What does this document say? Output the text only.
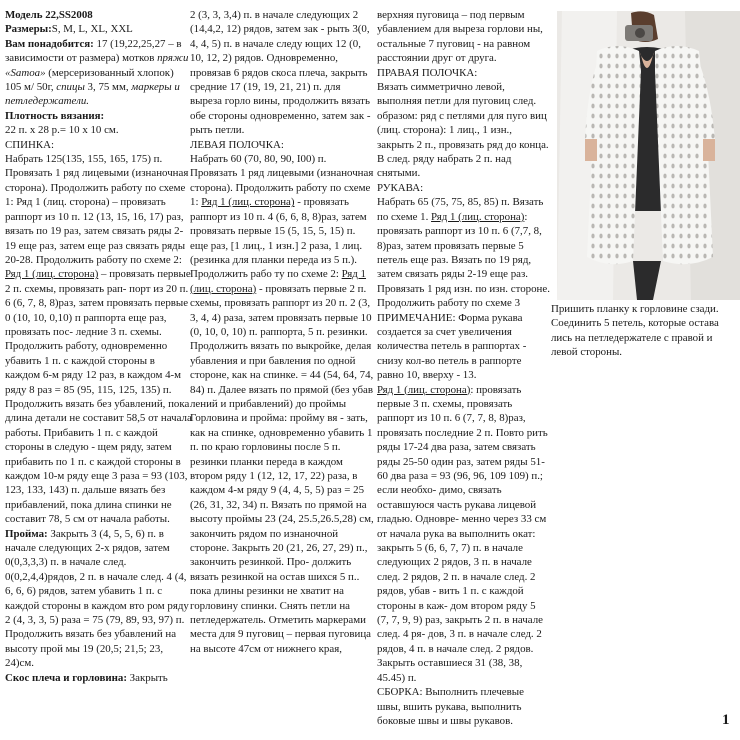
Модель 22,SS2008

Размеры:S, M, L, XL, XXL

Вам понадобится: 17 (19,22,25,27 – в зависимости от размера) мотков пряжи «Samoa» (мерсеризованный хлопок) 105 м/ 50г, спицы 3, 75 мм, маркеры и петледержатели.

Плотность вязания:

22 п. x 28 р.= 10 x 10 см.

СПИНКА:

Набрать 125(135, 155, 165, 175) п. Провязать 1 ряд лицевыми (изнаночная сторона). Продолжить работу по схеме 1: Ряд 1 (лиц. сторона) – провязать раппорт из 10 п. 12 (13, 15, 16, 17) раз, вязать по 19 раз, затем связать ряды 2-19 еще раз, затем еще раз связать ряды 20-28. Продолжить работу по схеме 2:

Ряд 1 (лиц. сторона) – провязать первые 2 п. схемы, провязать рап- порт из 20 п. 6 (6, 7, 8, 8)раз, затем провязать первые 0 (10, 10, 0,10) п раппорта еще раз, провязать пос- ледние 3 п. схемы. Продолжить работу, одновременно убавить 1 п. с каждой стороны в каждом 6-м ряду 12 раз, в каждом 4-м ряду 8 раз = 85 (95, 115, 125, 135) п. Продолжить вязать без убавлений, пока длина детали не составит 58,5 от начала работы. Прибавить 1 п. с каждой стороны в следую - щем ряду, затем прибавить по 1 п. с каждой стороны в каждом 10-м ряду еще 3 раза = 93 (103, 123, 133, 143) п. дальше вязать без прибавлений, пока длина спинки не составит 78, 5 см от начала работы.

Пройма: Закрыть 3 (4, 5, 5, 6) п. в начале следующих 2-х рядов, затем 0(0,3,3,3) п. в начале след. 0(0,2,4,4)рядов, 2 п. в начале след. 4 (4, 6, 6, 6) рядов, затем убавить 1 п. с каждой стороны в каждом вто ром ряду 2 (4, 3, 3, 5) раза = 75 (79, 89, 93, 97) п. Продолжить вязать без убавлений на высоту прой мы 19 (20,5; 21,5; 23, 24)см.

Скос плеча и горловина: Закрыть

2 (3, 3, 3,4) п. в начале следующих 2 (14,4,2, 12) рядов, затем зак - рыть 3(0, 4, 4, 5) п. в начале следу ющих 12 (0, 10, 12, 2) рядов. Одновременно, провязав 6 рядов скоса плеча, закрыть средние 17 (19, 19, 21, 21) п. для выреза горло вины, продолжить вязать обе стороны одновременно, затем зак - рыть петли.

ЛЕВАЯ ПОЛОЧКА:

Набрать 60 (70, 80, 90, I00) п. Провязать 1 ряд лицевыми (изнаночная сторона). Продолжить работу по схеме 1: Ряд 1 (лиц. сторона) - провязать раппорт из 10 п. 4 (6, 6, 8, 8)раз, затем провязать первые 15 (5, 15, 5, 15) п. еще раз, [1 лиц., 1 изн.] 2 раза, 1 лиц. (резинка для планки переда из 5 п.). Продолжить рабо ту по схеме 2: Ряд 1 (лиц. сторона) - провязать первые 2 п. схемы, провязать раппорт из 20 п. 2 (3, 3, 4, 4) раза, затем провязать первые 10 (0, 10, 0, 10) п. раппорта, 5 п. резинки. Продолжить вязать по выкройке, делая убавления и при бавления по одной стороне, как на спинке. = 44 (54, 64, 74, 84) п. Далее вязать по прямой (без убав лений и прибавлений) до проймы Горловина и пройма: пройму вя - зать, как на спинке, одновременно убавить 1 п. по краю горловины после 5 п. резинки планки переда в каждом втором ряду 1 (12, 12, 17, 22) раза, в каждом 4-м ряду 9 (4, 4, 5, 5) раз = 25 (26, 31, 32, 34) п. Вязать по прямой на высоту проймы 23 (24, 25.5,26.5,28) см, закончить рядом по изнаночной стороне. Закрыть 20 (21, 26, 27, 29) п., закончить резинкой. Про- должить вязать резинкой на остав шихся 5 п.. пока длины резинки не хватит на горловину спинки. Снять петли на петледержатель. Отметить маркерами места для 9 пуговиц – первая пуговица на высоте 47см от нижнего края,

верхняя пуговица – под первым убавлением для выреза горлови ны, остальные 7 пуговиц - на равном расстоянии друг от друга.

ПРАВАЯ ПОЛОЧКА:

Вязать симметрично левой, выполняя петли для пуговиц след. образом: ряд с петлями для пуго виц (лиц. сторона): 1 лиц., 1 изн., закрыть 2 п., провязать ряд до конца. В след. ряду набрать 2 п. над снятыми.

РУКАВА:

Набрать 65 (75, 75, 85, 85) п. Вязать по схеме 1. Ряд 1 (лиц. сторона): провязать раппорт из 10 п. 6 (7,7, 8, 8)раз, затем провязать первые 5 петель еще раз. Вязать по 19 ряд, затем связать ряды 2-19 еще раз. Провязать 1 ряд изн. по изн. стороне. Продолжить работу по схеме 3

ПРИМЕЧАНИЕ: Форма рукава создается за счет увеличения количества петель в раппортах - снизу кол-во петель в раппорте равно 10, вверху - 13.

Ряд 1 (лиц. сторона): провязать первые 3 п. схемы, провязать раппорт из 10 п. 6 (7, 7, 8, 8)раз, провязать последние 2 п. Повто рить ряды 17-24 два раза, затем связать ряды 25-50 один раз, затем ряды 51-60 два раза = 93 (96, 96, 109 109) п.; если необхо- димо, связать оставшуюся часть рукава лицевой гладью. Одновре- менно через 33 см от начала рука ва выполнить окат: закрыть 5 (6, 6, 7, 7) п. в начале следующих 2 рядов, 3 п. в начале след. 2 рядов, 2 п. в начале след. 2 рядов, убав - вить 1 п. с каждой стороны в каж- дом втором ряду 5 (7, 7, 9, 9) раз, закрыть 2 п. в начале след. 4 ря- дов, 3 п. в начале след. 2 рядов, 4 п. в начале след. 2 рядов. Закрыть оставшиеся 31 (38, 38, 45.45) п.

СБОРКА: Выполнить плечевые швы, вшить рукава, выполнить боковые швы и швы рукавов.

Пришить планку к горловине сзади. Соединить 5 петель, которые остава лись на петледержателе с правой и левой стороны.
1
